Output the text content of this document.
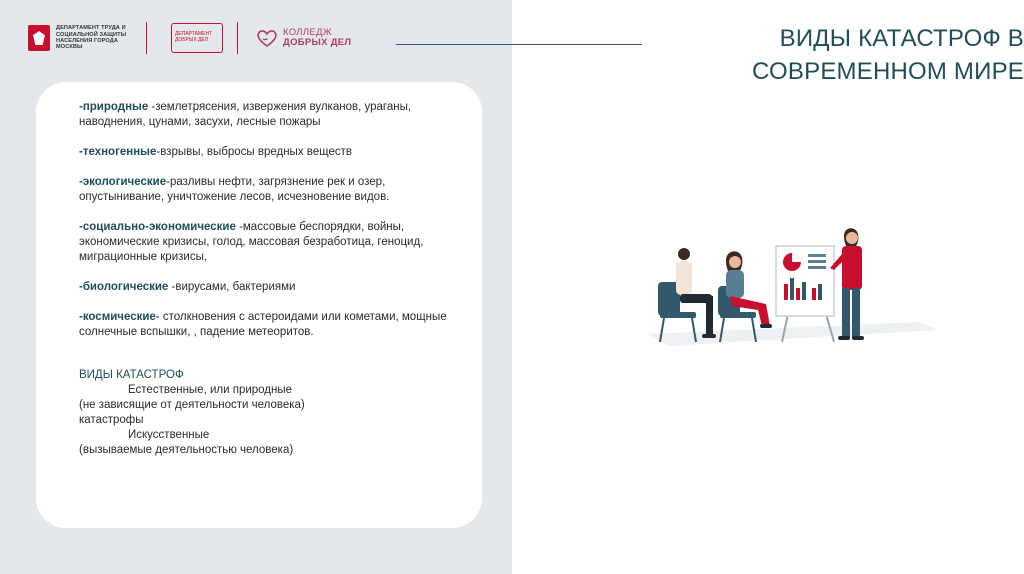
ДЕПАРТАМЕНТ ТРУДА И СОЦИАЛЬНОЙ ЗАЩИТЫ НАСЕЛЕНИЯ ГОРОДА МОСКВЫ
ДЕПАРТАМЕНТ ДОБРЫХ ДЕЛ
КОЛЛЕДЖ
ДОБРЫХ ДЕЛ
-природные -землетрясения, извержения вулканов, ураганы, наводнения, цунами, засухи, лесные пожары
-техногенные-взрывы, выбросы вредных веществ
-экологические-разливы нефти, загрязнение рек и озер, опустынивание, уничтожение лесов, исчезновение видов.
-социально-экономические -массовые беспорядки, войны, экономические кризисы, голод, массовая безработица, геноцид, миграционные кризисы,
-биологические -вирусами, бактериями
-космические- столкновения с астероидами или кометами, мощные солнечные вспышки, , падение метеоритов.
ВИДЫ КАТАСТРОФ
Естественные, или природные
(не зависящие от деятельности человека)
катастрофы
Искусственные
(вызываемые деятельностью человека)
ВИДЫ КАТАСТРОФ В СОВРЕМЕННОМ МИРЕ
